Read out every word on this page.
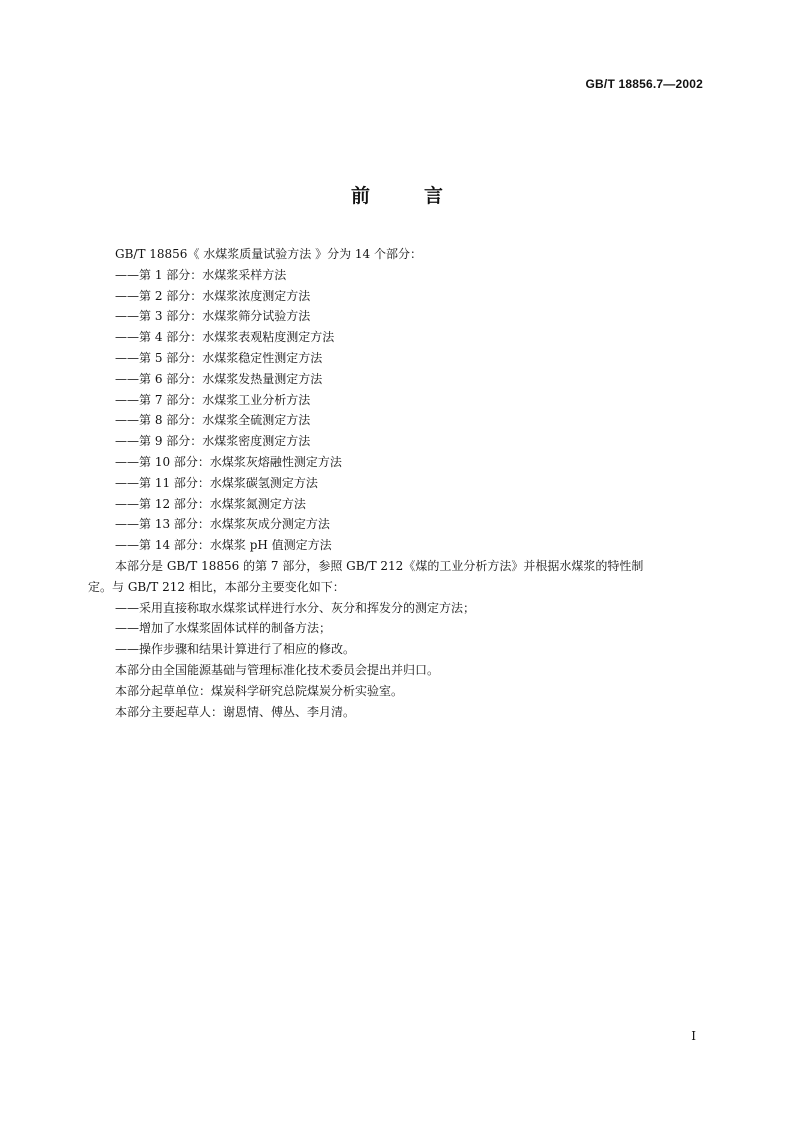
GB/T 18856.7—2002
前	言

GB/T 18856《 水煤浆质量试验方法 》分为 14 个部分：

——第 1 部分：水煤浆采样方法

——第 2 部分：水煤浆浓度测定方法

——第 3 部分：水煤浆筛分试验方法

——第 4 部分：水煤浆表观粘度测定方法

——第 5 部分：水煤浆稳定性测定方法

——第 6 部分：水煤浆发热量测定方法

——第 7 部分：水煤浆工业分析方法

——第 8 部分：水煤浆全硫测定方法

——第 9 部分：水煤浆密度测定方法

——第 10 部分：水煤浆灰熔融性测定方法

——第 11 部分：水煤浆碳氢测定方法

——第 12 部分：水煤浆氮测定方法

——第 13 部分：水煤浆灰成分测定方法

——第 14 部分：水煤浆 pH 值测定方法

本部分是 GB/T 18856 的第 7 部分，参照 GB/T 212《煤的工业分析方法》并根据水煤浆的特性制

定。与 GB/T 212 相比，本部分主要变化如下：

——采用直接称取水煤浆试样进行水分、灰分和挥发分的测定方法；

——增加了水煤浆固体试样的制备方法；

——操作步骤和结果计算进行了相应的修改。

本部分由全国能源基础与管理标准化技术委员会提出并归口。

本部分起草单位：煤炭科学研究总院煤炭分析实验室。

本部分主要起草人：谢恩情、傅丛、李月清。

I
